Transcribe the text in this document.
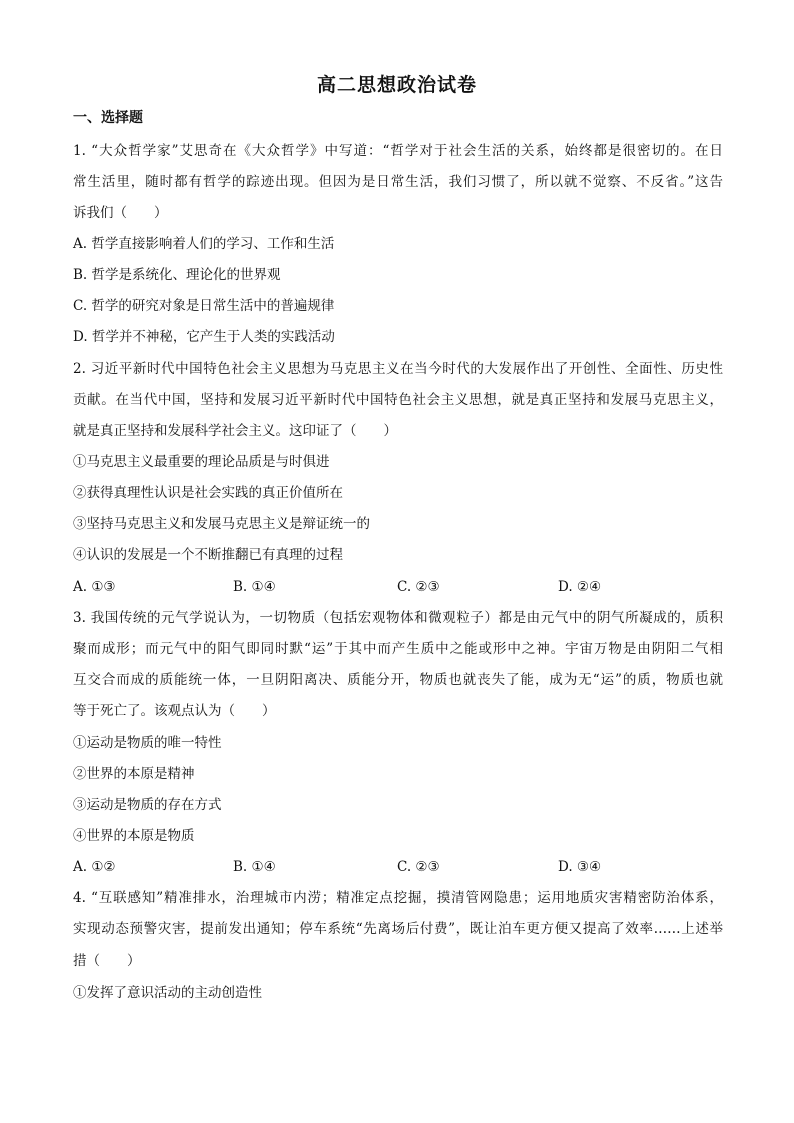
高二思想政治试卷
一、选择题
1. “大众哲学家”艾思奇在《大众哲学》中写道：“哲学对于社会生活的关系，始终都是很密切的。在日
常生活里，随时都有哲学的踪迹出现。但因为是日常生活，我们习惯了，所以就不觉察、不反省。”这告
诉我们（　　）
A. 哲学直接影响着人们的学习、工作和生活
B. 哲学是系统化、理论化的世界观
C. 哲学的研究对象是日常生活中的普遍规律
D. 哲学并不神秘，它产生于人类的实践活动
2. 习近平新时代中国特色社会主义思想为马克思主义在当今时代的大发展作出了开创性、全面性、历史性
贡献。在当代中国，坚持和发展习近平新时代中国特色社会主义思想，就是真正坚持和发展马克思主义，
就是真正坚持和发展科学社会主义。这印证了（　　）
①马克思主义最重要的理论品质是与时俱进
②获得真理性认识是社会实践的真正价值所在
③坚持马克思主义和发展马克思主义是辩证统一的
④认识的发展是一个不断推翻已有真理的过程
A. ①③	B. ①④	C. ②③	D. ②④
3. 我国传统的元气学说认为，一切物质（包括宏观物体和微观粒子）都是由元气中的阴气所凝成的，质积
聚而成形；而元气中的阳气即同时默“运”于其中而产生质中之能或形中之神。宇宙万物是由阴阳二气相
互交合而成的质能统一体，一旦阴阳离决、质能分开，物质也就丧失了能，成为无“运”的质，物质也就
等于死亡了。该观点认为（　　）
①运动是物质的唯一特性
②世界的本原是精神
③运动是物质的存在方式
④世界的本原是物质
A. ①②	B. ①④	C. ②③	D. ③④
4. “互联感知”精准排水，治理城市内涝；精准定点挖掘，摸清管网隐患；运用地质灾害精密防治体系，
实现动态预警灾害，提前发出通知；停车系统“先离场后付费”，既让泊车更方便又提高了效率……上述举
措（　　）
①发挥了意识活动的主动创造性
